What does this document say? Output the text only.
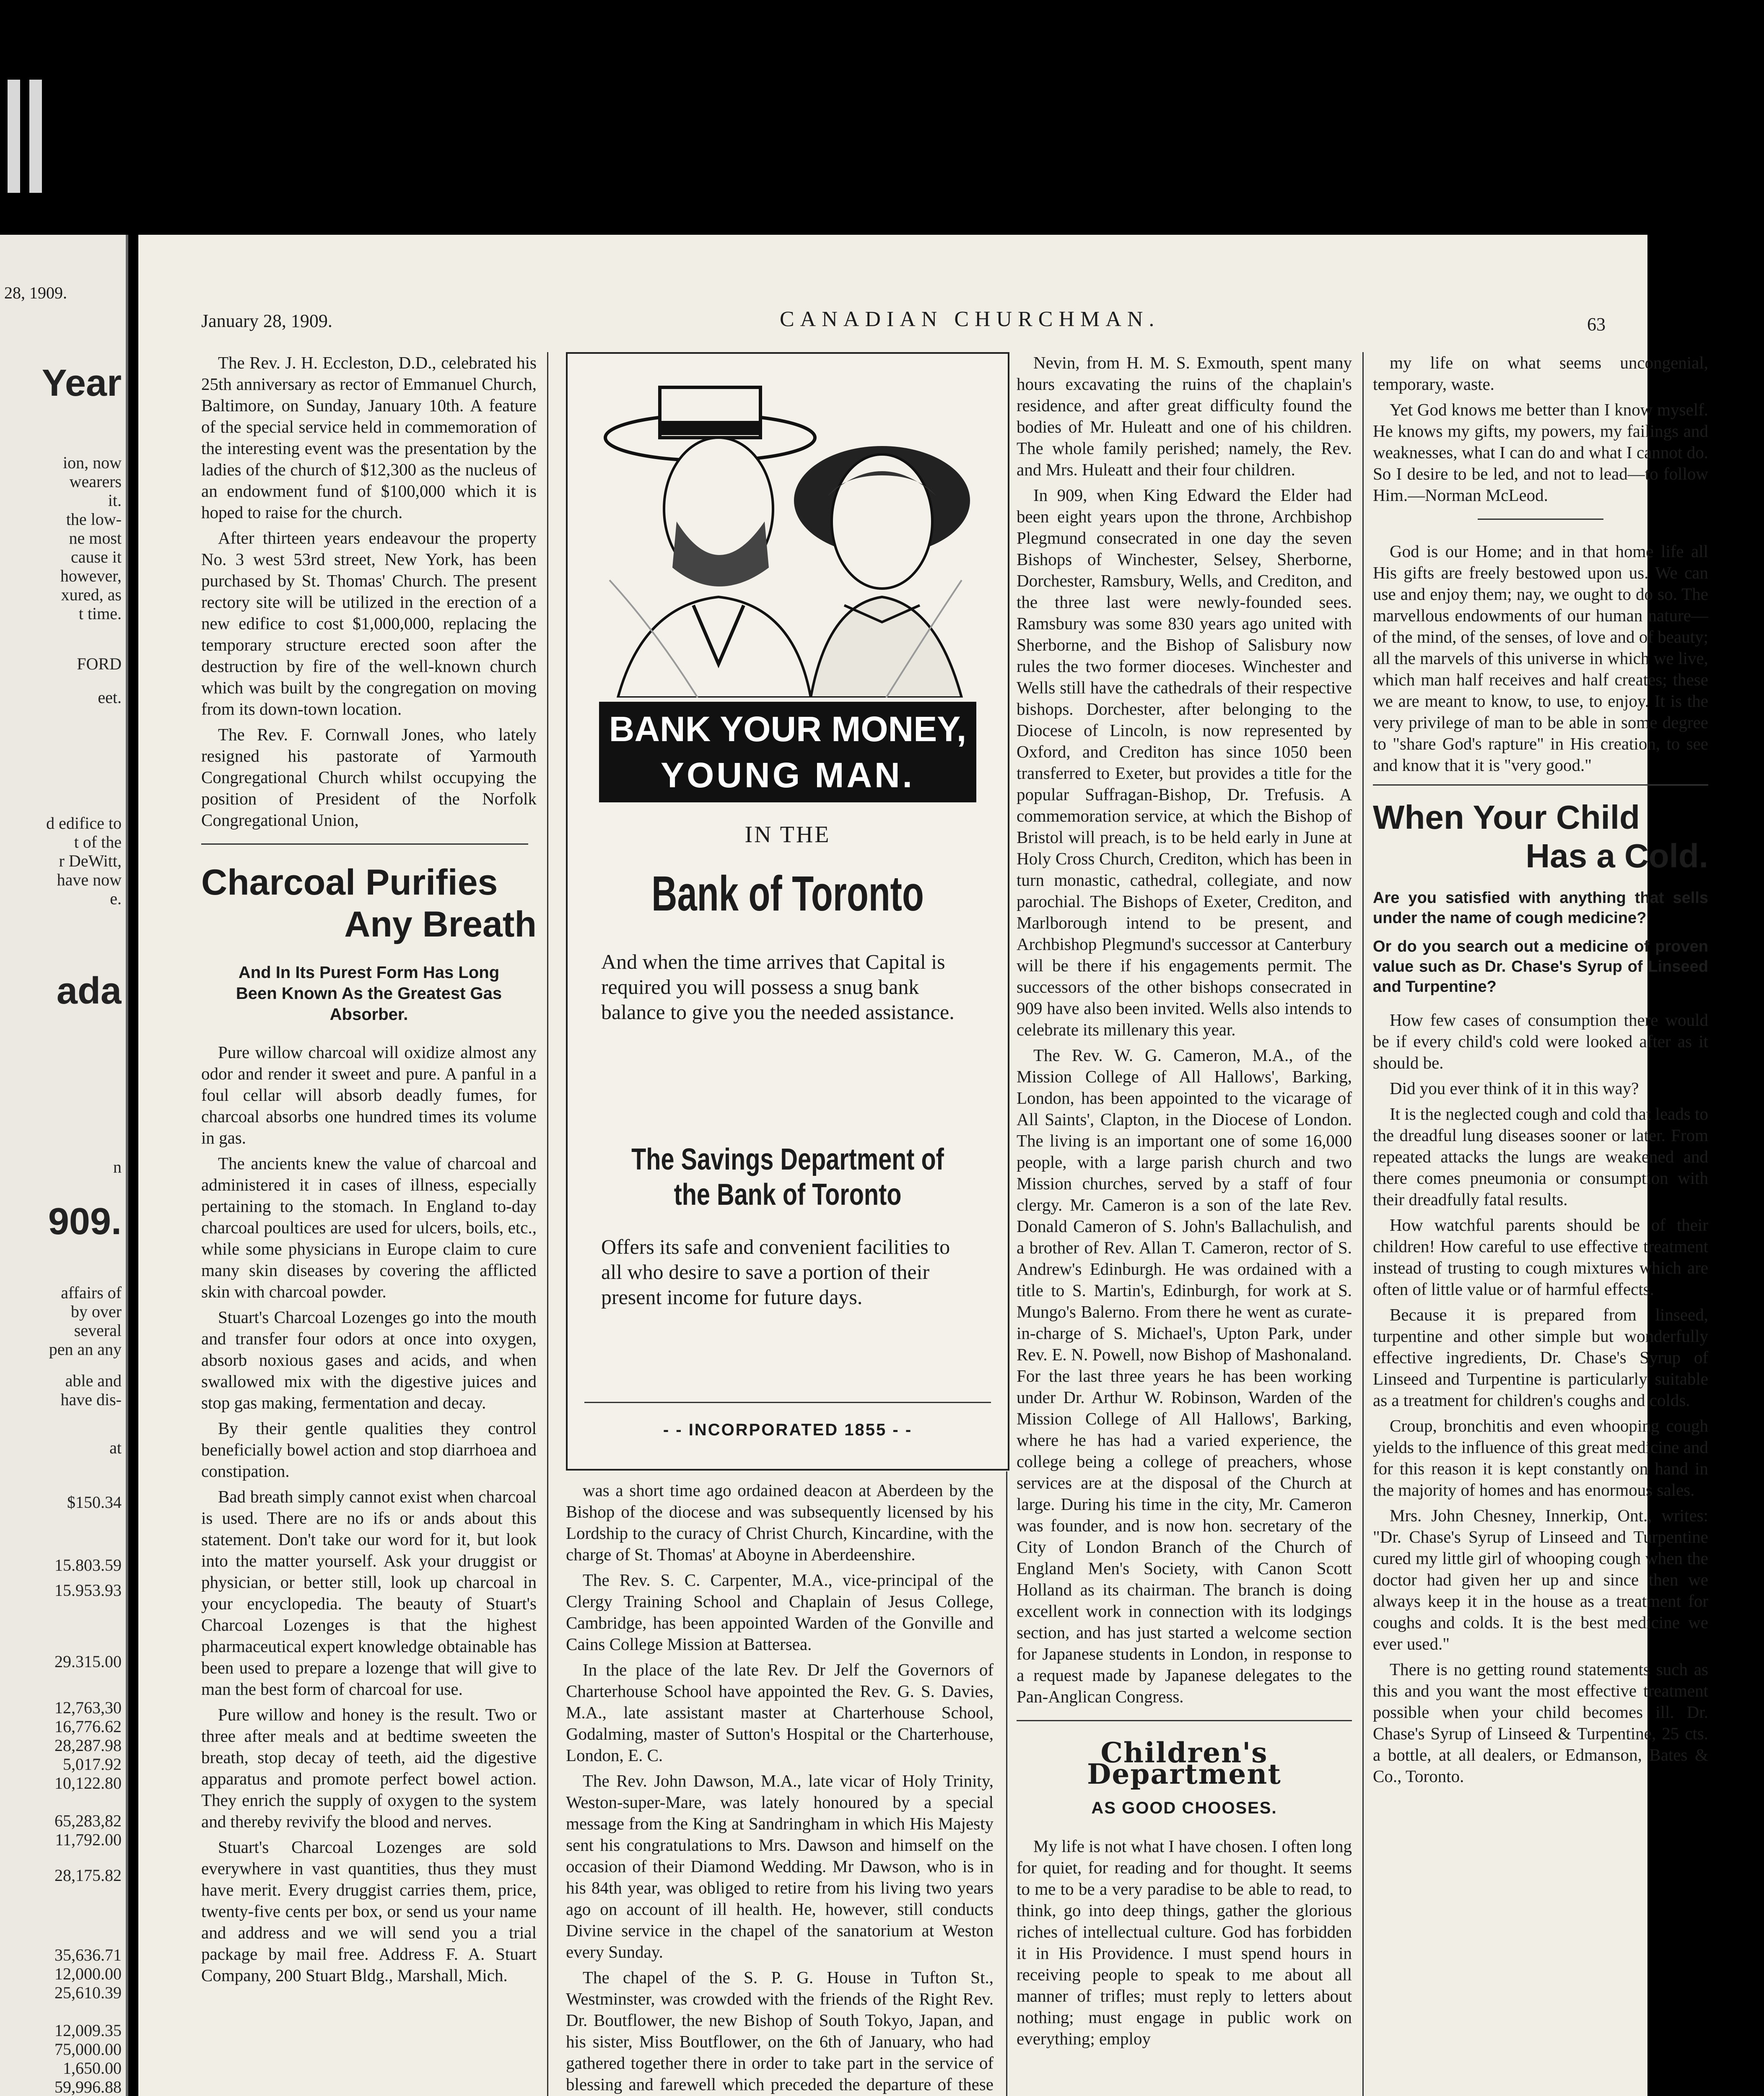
28, 1909.
Year
ion, now
wearers
it.
the low-
ne most
cause it
however,
xured, as
t time.
FORD
eet.
d edifice to
t of the
r DeWitt,
have now
e.
ada
n
909.
affairs of
by over
several
pen an any
able and
have dis-
at
$150.34
15.803.59
15.953.93
29.315.00
12,763,30
16,776.62
28,287.98
5,017.92
10,122.80
65,283,82
11,792.00
28,175.82
35,636.71
12,000.00
25,610.39
12,009.35
75,000.00
1,650.00
59,996.88
January 28, 1909.	CANADIAN CHURCHMAN.	63

The Rev. J. H. Eccleston, D.D., celebrated his 25th anniversary as rector of Emmanuel Church, Baltimore, on Sunday, January 10th. A feature of the special service held in commemoration of the interesting event was the presentation by the ladies of the church of $12,300 as the nucleus of an endowment fund of $100,000 which it is hoped to raise for the church.

After thirteen years endeavour the property No. 3 west 53rd street, New York, has been purchased by St. Thomas' Church. The present rectory site will be utilized in the erection of a new edifice to cost $1,000,000, replacing the temporary structure erected soon after the destruction by fire of the well-known church which was built by the congregation on moving from its down-town location.

The Rev. F. Cornwall Jones, who lately resigned his pastorate of Yarmouth Congregational Church whilst occupying the position of President of the Norfolk Congregational Union,

Charcoal Purifies
Any Breath
And In Its Purest Form Has Long Been Known As the Greatest Gas Absorber.

Pure willow charcoal will oxidize almost any odor and render it sweet and pure. A panful in a foul cellar will absorb deadly fumes, for charcoal absorbs one hundred times its volume in gas.

The ancients knew the value of charcoal and administered it in cases of illness, especially pertaining to the stomach. In England to-day charcoal poultices are used for ulcers, boils, etc., while some physicians in Europe claim to cure many skin diseases by covering the afflicted skin with charcoal powder.

Stuart's Charcoal Lozenges go into the mouth and transfer four odors at once into oxygen, absorb noxious gases and acids, and when swallowed mix with the digestive juices and stop gas making, fermentation and decay.

By their gentle qualities they control beneficially bowel action and stop diarrhoea and constipation.

Bad breath simply cannot exist when charcoal is used. There are no ifs or ands about this statement. Don't take our word for it, but look into the matter yourself. Ask your druggist or physician, or better still, look up charcoal in your encyclopedia. The beauty of Stuart's Charcoal Lozenges is that the highest pharmaceutical expert knowledge obtainable has been used to prepare a lozenge that will give to man the best form of charcoal for use.

Pure willow and honey is the result. Two or three after meals and at bedtime sweeten the breath, stop decay of teeth, aid the digestive apparatus and promote perfect bowel action. They enrich the supply of oxygen to the system and thereby revivify the blood and nerves.

Stuart's Charcoal Lozenges are sold everywhere in vast quantities, thus they must have merit. Every druggist carries them, price, twenty-five cents per box, or send us your name and address and we will send you a trial package by mail free. Address F. A. Stuart Company, 200 Stuart Bldg., Marshall, Mich.

BANK YOUR MONEY,
YOUNG MAN.
IN THE
Bank of Toronto
And when the time arrives that Capital is required you will possess a snug bank balance to give you the needed assistance.
The Savings Department of
the Bank of Toronto
Offers its safe and convenient facilities to all who desire to save a portion of their present income for future days.
- - INCORPORATED 1855 - -

was a short time ago ordained deacon at Aberdeen by the Bishop of the diocese and was subsequently licensed by his Lordship to the curacy of Christ Church, Kincardine, with the charge of St. Thomas' at Aboyne in Aberdeenshire.

The Rev. S. C. Carpenter, M.A., vice-principal of the Clergy Training School and Chaplain of Jesus College, Cambridge, has been appointed Warden of the Gonville and Cains College Mission at Battersea.

In the place of the late Rev. Dr Jelf the Governors of Charterhouse School have appointed the Rev. G. S. Davies, M.A., late assistant master at Charterhouse School, Godalming, master of Sutton's Hospital or the Charterhouse, London, E. C.

The Rev. John Dawson, M.A., late vicar of Holy Trinity, Weston-super-Mare, was lately honoured by a special message from the King at Sandringham in which His Majesty sent his congratulations to Mrs. Dawson and himself on the occasion of their Diamond Wedding. Mr Dawson, who is in his 84th year, was obliged to retire from his living two years ago on account of ill health. He, however, still conducts Divine service in the chapel of the sanatorium at Weston every Sunday.

The chapel of the S. P. G. House in Tufton St., Westminster, was crowded with the friends of the Right Rev. Dr. Boutflower, the new Bishop of South Tokyo, Japan, and his sister, Miss Boutflower, on the 6th of January, who had gathered together there in order to take part in the service of blessing and farewell which preceded the departure of these

Nevin, from H. M. S. Exmouth, spent many hours excavating the ruins of the chaplain's residence, and after great difficulty found the bodies of Mr. Huleatt and one of his children. The whole family perished; namely, the Rev. and Mrs. Huleatt and their four children.

In 909, when King Edward the Elder had been eight years upon the throne, Archbishop Plegmund consecrated in one day the seven Bishops of Winchester, Selsey, Sherborne, Dorchester, Ramsbury, Wells, and Crediton, and the three last were newly-founded sees. Ramsbury was some 830 years ago united with Sherborne, and the Bishop of Salisbury now rules the two former dioceses. Winchester and Wells still have the cathedrals of their respective bishops. Dorchester, after belonging to the Diocese of Lincoln, is now represented by Oxford, and Crediton has since 1050 been transferred to Exeter, but provides a title for the popular Suffragan-Bishop, Dr. Trefusis. A commemoration service, at which the Bishop of Bristol will preach, is to be held early in June at Holy Cross Church, Crediton, which has been in turn monastic, cathedral, collegiate, and now parochial. The Bishops of Exeter, Crediton, and Marlborough intend to be present, and Archbishop Plegmund's successor at Canterbury will be there if his engagements permit. The successors of the other bishops consecrated in 909 have also been invited. Wells also intends to celebrate its millenary this year.

The Rev. W. G. Cameron, M.A., of the Mission College of All Hallows', Barking, London, has been appointed to the vicarage of All Saints', Clapton, in the Diocese of London. The living is an important one of some 16,000 people, with a large parish church and two Mission churches, served by a staff of four clergy. Mr. Cameron is a son of the late Rev. Donald Cameron of S. John's Ballachulish, and a brother of Rev. Allan T. Cameron, rector of S. Andrew's Edinburgh. He was ordained with a title to S. Martin's, Edinburgh, for work at S. Mungo's Balerno. From there he went as curate-in-charge of S. Michael's, Upton Park, under Rev. E. N. Powell, now Bishop of Mashonaland. For the last three years he has been working under Dr. Arthur W. Robinson, Warden of the Mission College of All Hallows', Barking, where he has had a varied experience, the college being a college of preachers, whose services are at the disposal of the Church at large. During his time in the city, Mr. Cameron was founder, and is now hon. secretary of the City of London Branch of the Church of England Men's Society, with Canon Scott Holland as its chairman. The branch is doing excellent work in connection with its lodgings section, and has just started a welcome section for Japanese students in London, in response to a request made by Japanese delegates to the Pan-Anglican Congress.

Children's Department
AS GOOD CHOOSES.

My life is not what I have chosen. I often long for quiet, for reading and for thought. It seems to me to be a very paradise to be able to read, to think, go into deep things, gather the glorious riches of intellectual culture. God has forbidden it in His Providence. I must spend hours in receiving people to speak to me about all manner of trifles; must reply to letters about nothing; must engage in public work on everything; employ

my life on what seems uncongenial, temporary, waste.

Yet God knows me better than I know myself. He knows my gifts, my powers, my failings and weaknesses, what I can do and what I cannot do. So I desire to be led, and not to lead—to follow Him.—Norman McLeod.

God is our Home; and in that home life all His gifts are freely bestowed upon us. We can use and enjoy them; nay, we ought to do so. The marvellous endowments of our human nature—of the mind, of the senses, of love and of beauty; all the marvels of this universe in which we live, which man half receives and half creates; these we are meant to know, to use, to enjoy. It is the very privilege of man to be able in some degree to "share God's rapture" in His creation, to see and know that it is "very good."

When Your Child
Has a Cold.
Are you satisfied with anything that sells under the name of cough medicine?
Or do you search out a medicine of proven value such as Dr. Chase's Syrup of Linseed and Turpentine?

How few cases of consumption there would be if every child's cold were looked after as it should be.

Did you ever think of it in this way?

It is the neglected cough and cold that leads to the dreadful lung diseases sooner or later. From repeated attacks the lungs are weakened and there comes pneumonia or consumption with their dreadfully fatal results.

How watchful parents should be of their children! How careful to use effective treatment instead of trusting to cough mixtures which are often of little value or of harmful effects.

Because it is prepared from linseed, turpentine and other simple but wonderfully effective ingredients, Dr. Chase's Syrup of Linseed and Turpentine is particularly suitable as a treatment for children's coughs and colds.

Croup, bronchitis and even whooping cough yields to the influence of this great medicine and for this reason it is kept constantly on hand in the majority of homes and has enormous sales.

Mrs. John Chesney, Innerkip, Ont., writes: "Dr. Chase's Syrup of Linseed and Turpentine cured my little girl of whooping cough when the doctor had given her up and since then we always keep it in the house as a treatment for coughs and colds. It is the best medicine we ever used."

There is no getting round statements such as this and you want the most effective treatment possible when your child becomes ill. Dr. Chase's Syrup of Linseed & Turpentine, 25 cts. a bottle, at all dealers, or Edmanson, Bates & Co., Toronto.
